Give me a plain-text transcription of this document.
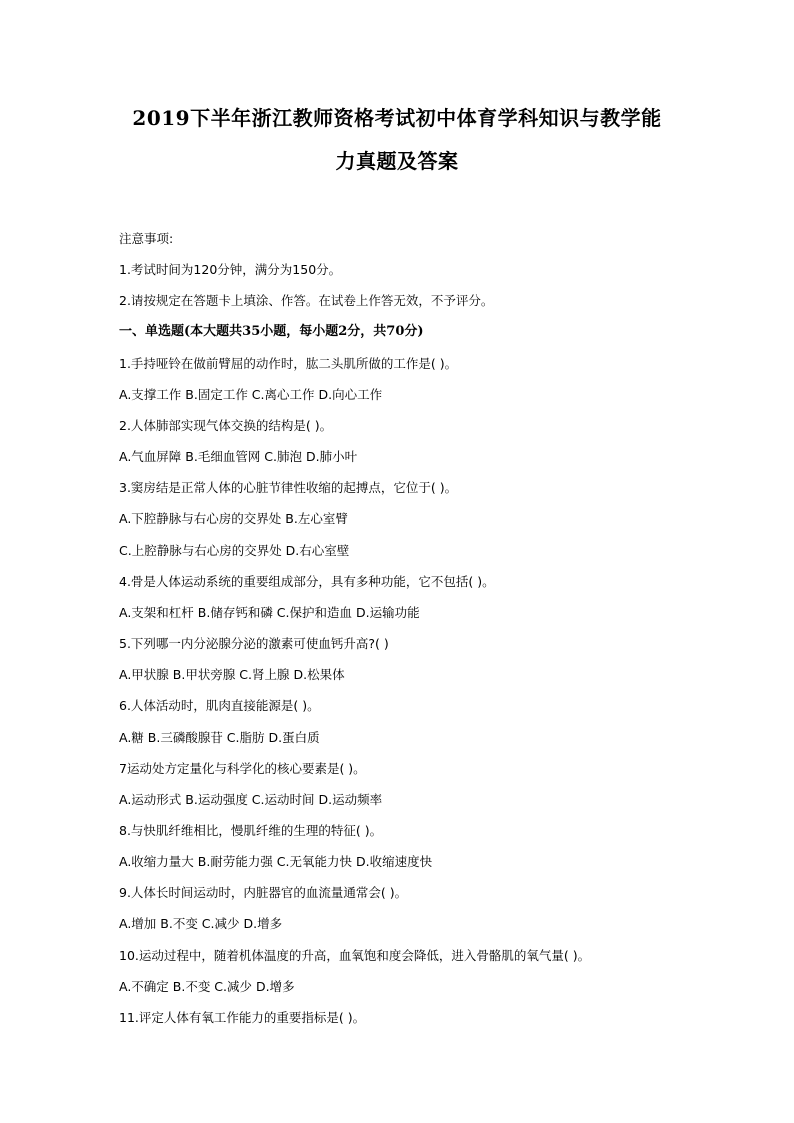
2019下半年浙江教师资格考试初中体育学科知识与教学能
力真题及答案
注意事项:
1.考试时间为120分钟，满分为150分。
2.请按规定在答题卡上填涂、作答。在试卷上作答无效，不予评分。
一、单选题(本大题共35小题，每小题2分，共70分)
1.手持哑铃在做前臂屈的动作时，肱二头肌所做的工作是( )。
A.支撑工作 B.固定工作 C.离心工作 D.向心工作
2.人体肺部实现气体交换的结构是( )。
A.气血屏障 B.毛细血管网 C.肺泡 D.肺小叶
3.窦房结是正常人体的心脏节律性收缩的起搏点，它位于( )。
A.下腔静脉与右心房的交界处 B.左心室臂
C.上腔静脉与右心房的交界处 D.右心室壁
4.骨是人体运动系统的重要组成部分，具有多种功能，它不包括( )。
A.支架和杠杆 B.储存钙和磷 C.保护和造血 D.运输功能
5.下列哪一内分泌腺分泌的激素可使血钙升高?( )
A.甲状腺 B.甲状旁腺 C.肾上腺 D.松果体
6.人体活动时，肌肉直接能源是( )。
A.糖 B.三磷酸腺苷 C.脂肪 D.蛋白质
7运动处方定量化与科学化的核心要素是( )。
A.运动形式 B.运动强度 C.运动时间 D.运动频率
8.与快肌纤维相比，慢肌纤维的生理的特征( )。
A.收缩力量大 B.耐劳能力强 C.无氧能力快 D.收缩速度快
9.人体长时间运动时，内脏器官的血流量通常会( )。
A.增加 B.不变 C.减少 D.增多
10.运动过程中，随着机体温度的升高，血氧饱和度会降低，进入骨骼肌的氧气量( )。
A.不确定 B.不变 C.减少 D.增多
11.评定人体有氧工作能力的重要指标是( )。
